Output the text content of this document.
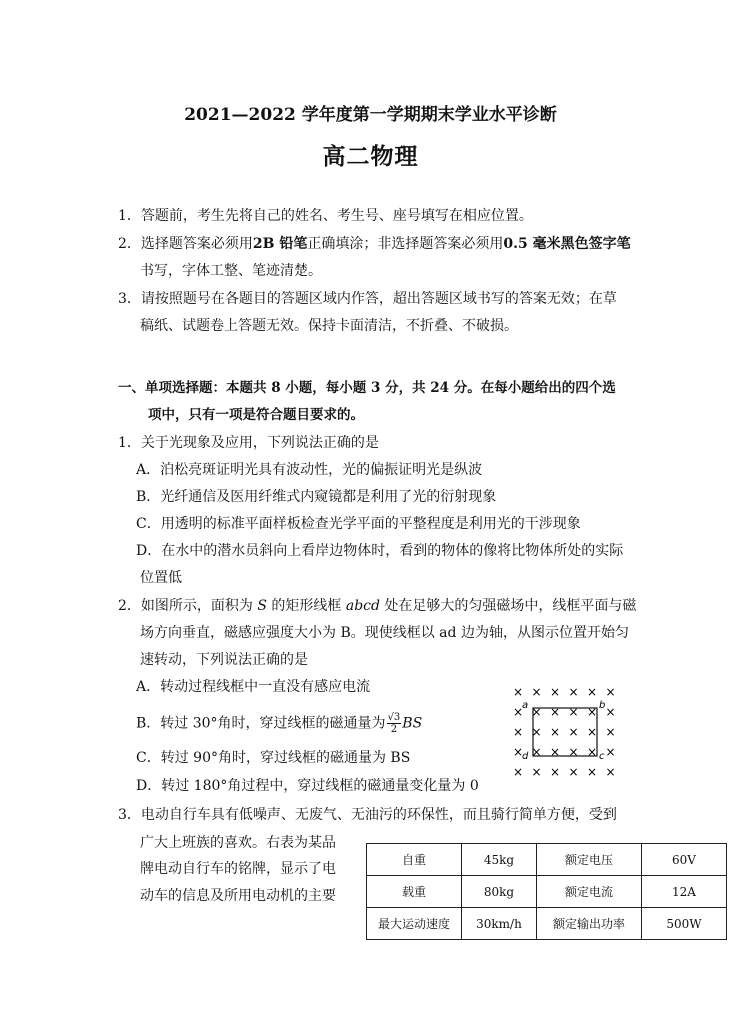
2021—2022 学年度第一学期期末学业水平诊断
高二物理
1．答题前，考生先将自己的姓名、考生号、座号填写在相应位置。
2．选择题答案必须用2B 铅笔正确填涂；非选择题答案必须用0.5 毫米黑色签字笔
书写，字体工整、笔迹清楚。
3．请按照题号在各题目的答题区域内作答，超出答题区域书写的答案无效；在草
稿纸、试题卷上答题无效。保持卡面清洁，不折叠、不破损。
一、单项选择题：本题共 8 小题，每小题 3 分，共 24 分。在每小题给出的四个选
项中，只有一项是符合题目要求的。
1．关于光现象及应用，下列说法正确的是
A．泊松亮斑证明光具有波动性，光的偏振证明光是纵波
B．光纤通信及医用纤维式内窥镜都是利用了光的衍射现象
C．用透明的标准平面样板检查光学平面的平整程度是利用光的干涉现象
D．在水中的潜水员斜向上看岸边物体时，看到的物体的像将比物体所处的实际
位置低
2．如图所示，面积为 S 的矩形线框 abcd 处在足够大的匀强磁场中，线框平面与磁
场方向垂直，磁感应强度大小为 B。现使线框以 ad 边为轴，从图示位置开始匀
速转动，下列说法正确的是
A．转动过程线框中一直没有感应电流
B．转过 30°角时，穿过线框的磁通量为 $\frac{√3}{2}$ BS
C．转过 90°角时，穿过线框的磁通量为 BS
D．转过 180°角过程中，穿过线框的磁通量变化量为 0
× × × × × ×
× × × × × ×
× × × × × ×
× × × × × ×
× × × × × ×
a	b
c
d
3．电动自行车具有低噪声、无废气、无油污的环保性，而且骑行简单方便，受到
广大上班族的喜欢。右表为某品
牌电动自行车的铭牌，显示了电
动车的信息及所用电动机的主要
自重	45kg	额定电压	60V
载重	80kg	额定电流	12A
最大运动速度	30km/h	额定输出功率	500W
